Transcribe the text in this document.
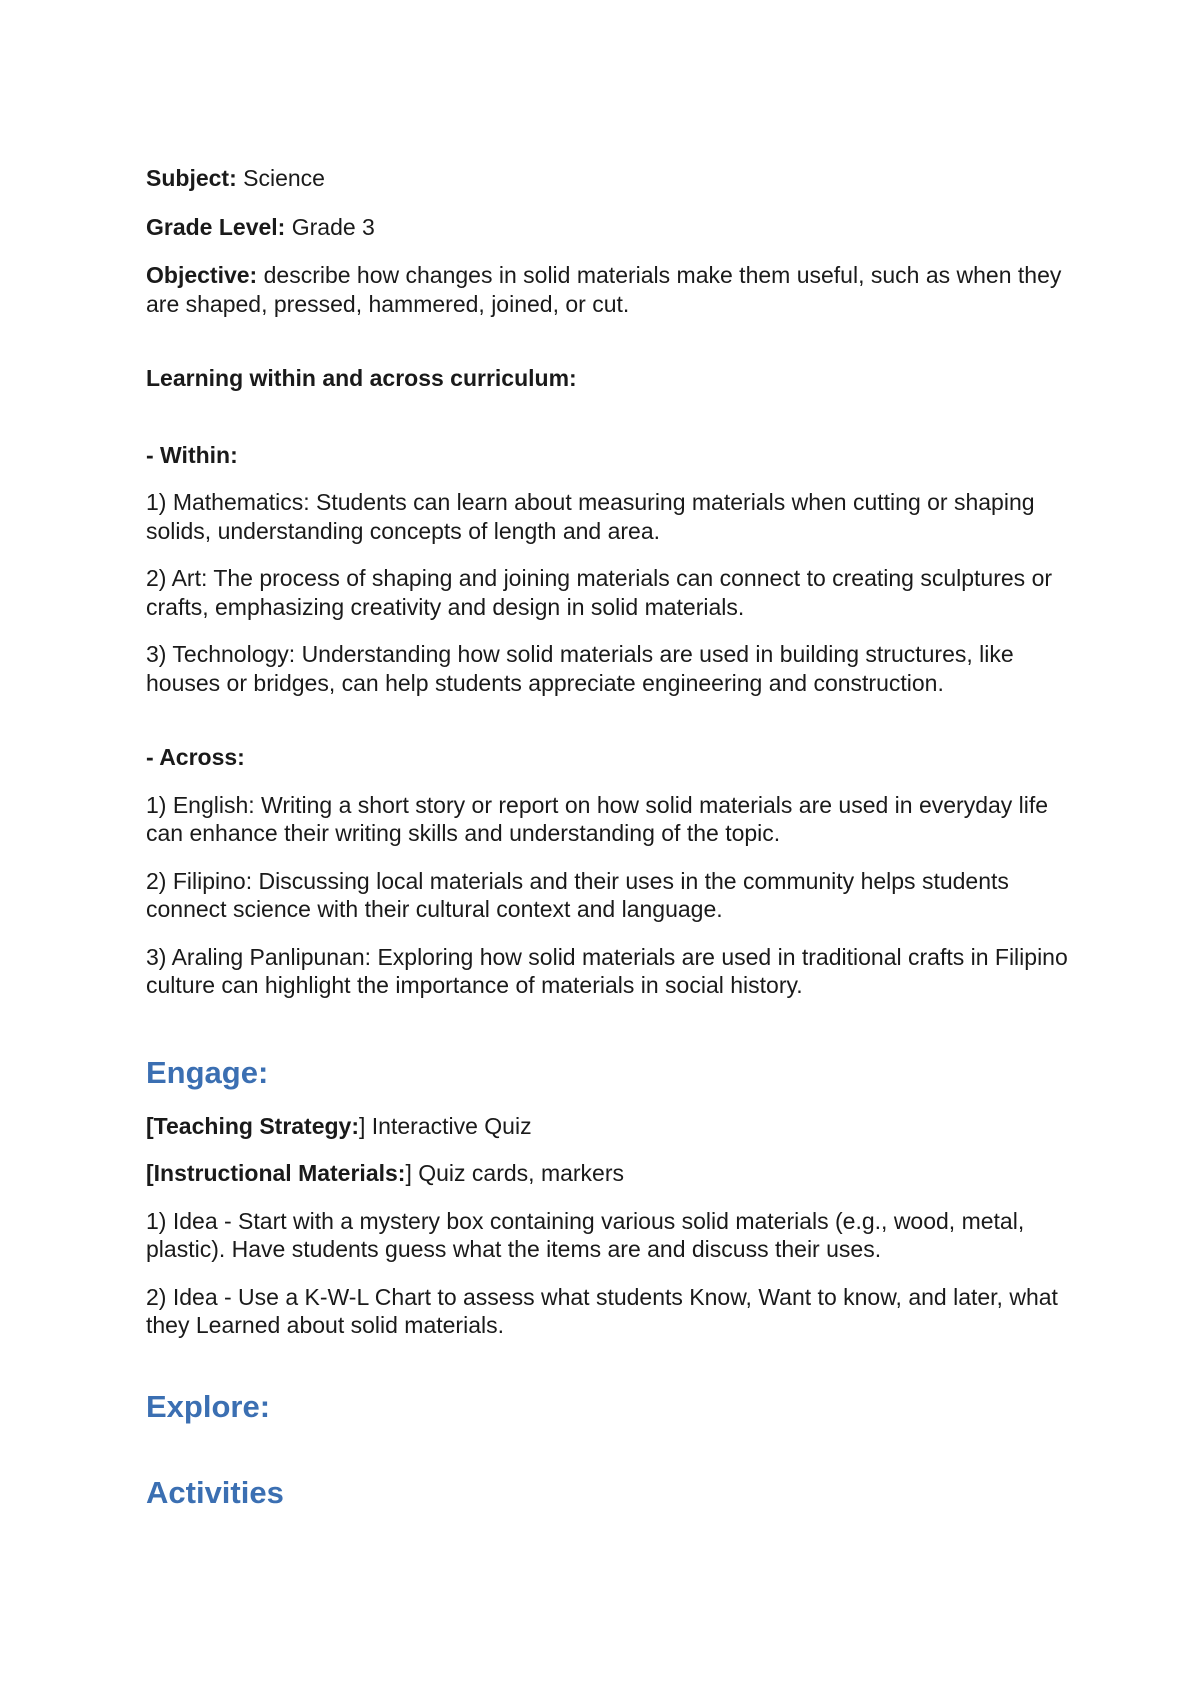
Subject: Science

Grade Level: Grade 3

Objective: describe how changes in solid materials make them useful, such as when they are shaped, pressed, hammered, joined, or cut.

Learning within and across curriculum:

- Within:

1) Mathematics: Students can learn about measuring materials when cutting or shaping solids, understanding concepts of length and area.

2) Art: The process of shaping and joining materials can connect to creating sculptures or crafts, emphasizing creativity and design in solid materials.

3) Technology: Understanding how solid materials are used in building structures, like houses or bridges, can help students appreciate engineering and construction.

- Across:

1) English: Writing a short story or report on how solid materials are used in everyday life can enhance their writing skills and understanding of the topic.

2) Filipino: Discussing local materials and their uses in the community helps students connect science with their cultural context and language.

3) Araling Panlipunan: Exploring how solid materials are used in traditional crafts in Filipino culture can highlight the importance of materials in social history.

Engage:

[Teaching Strategy:] Interactive Quiz

[Instructional Materials:] Quiz cards, markers

1) Idea - Start with a mystery box containing various solid materials (e.g., wood, metal, plastic). Have students guess what the items are and discuss their uses.

2) Idea - Use a K-W-L Chart to assess what students Know, Want to know, and later, what they Learned about solid materials.

Explore:

Activities
